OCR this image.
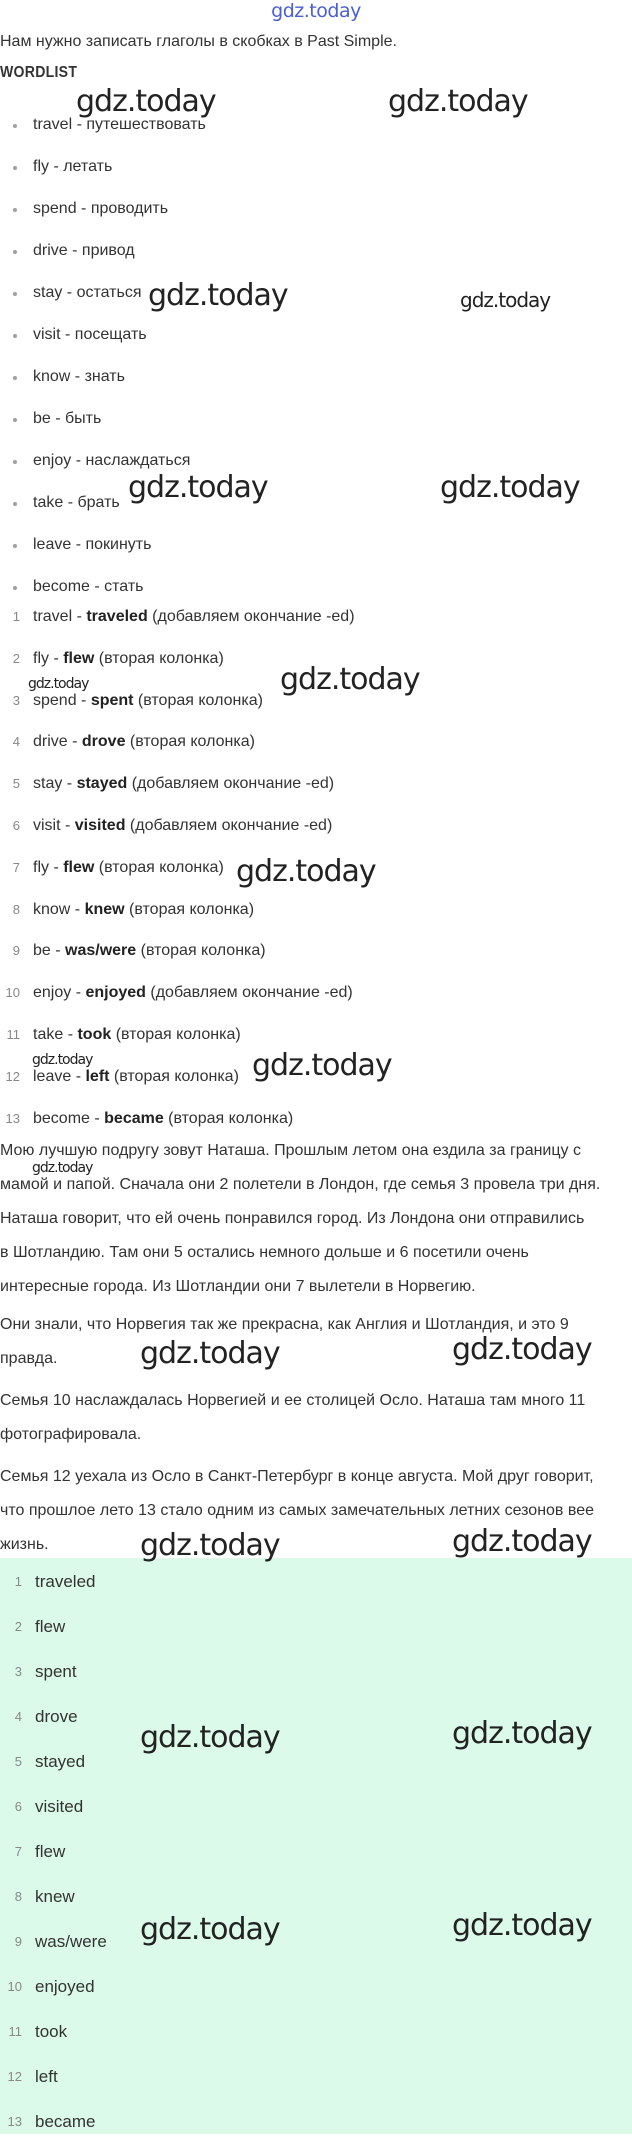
gdz.today
Нам нужно записать глаголы в скобках в Past Simple.
WORDLIST
travel - путешествовать
fly - летать
spend - проводить
drive - привод
stay - остаться
visit - посещать
know - знать
be - быть
enjoy - наслаждаться
take - брать
leave - покинуть
become - стать
1 travel - traveled (добавляем окончание -ed)
2 fly - flew (вторая колонка)
3 spend - spent (вторая колонка)
4 drive - drove (вторая колонка)
5 stay - stayed (добавляем окончание -ed)
6 visit - visited (добавляем окончание -ed)
7 fly - flew (вторая колонка)
8 know - knew (вторая колонка)
9 be - was/were (вторая колонка)
10 enjoy - enjoyed (добавляем окончание -ed)
11 take - took (вторая колонка)
12 leave - left (вторая колонка)
13 become - became (вторая колонка)

Мою лучшую подругу зовут Наташа. Прошлым летом она ездила за границу с
мамой и папой. Сначала они 2 полетели в Лондон, где семья 3 провела три дня.
Наташа говорит, что ей очень понравился город. Из Лондона они отправились
в Шотландию. Там они 5 остались немного дольше и 6 посетили очень
интересные города. Из Шотландии они 7 вылетели в Норвегию.

Они знали, что Норвегия так же прекрасна, как Англия и Шотландия, и это 9
правда.

Семья 10 наслаждалась Норвегией и ее столицей Осло. Наташа там много 11
фотографировала.

Семья 12 уехала из Осло в Санкт-Петербург в конце августа. Мой друг говорит,
что прошлое лето 13 стало одним из самых замечательных летних сезонов вее
жизнь.

1 traveled
2 flew
3 spent
4 drove
5 stayed
6 visited
7 flew
8 knew
9 was/were
10 enjoyed
11 took
12 left
13 became
gdz.today	gdz.today
gdz.today	gdz.today
gdz.today	gdz.today
gdz.today	gdz.today
gdz.today
gdz.today	gdz.today
gdz.today
gdz.today	gdz.today
gdz.today	gdz.today
gdz.today	gdz.today
gdz.today	gdz.today
